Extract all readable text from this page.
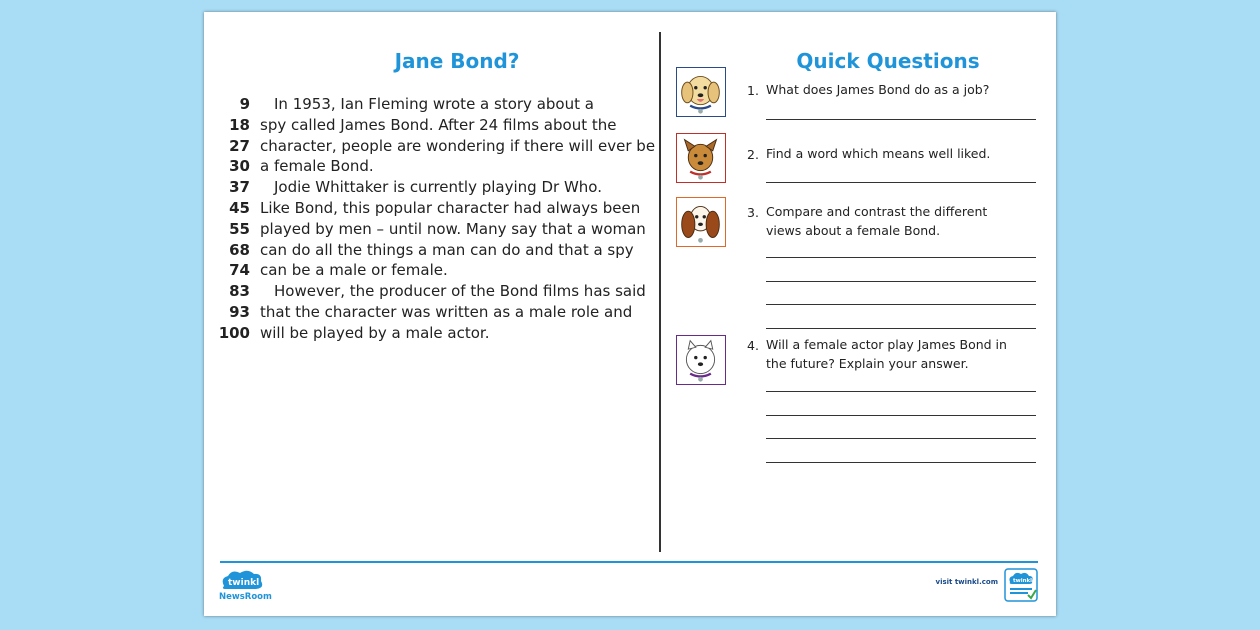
Jane Bond?
9 In 1953, Ian Fleming wrote a story about a
18 spy called James Bond. After 24 films about the
27 character, people are wondering if there will ever be
30 a female Bond.
37 Jodie Whittaker is currently playing Dr Who.
45 Like Bond, this popular character had always been
55 played by men – until now. Many say that a woman
68 can do all the things a man can do and that a spy
74 can be a male or female.
83 However, the producer of the Bond films has said
93 that the character was written as a male role and
100 will be played by a male actor.
Quick Questions
1. What does James Bond do as a job?

2. Find a word which means well liked.

3. Compare and contrast the different views about a female Bond.

4. Will a female actor play James Bond in the future? Explain your answer.

twinkl
NewsRoom
visit twinkl.com	twinkl
